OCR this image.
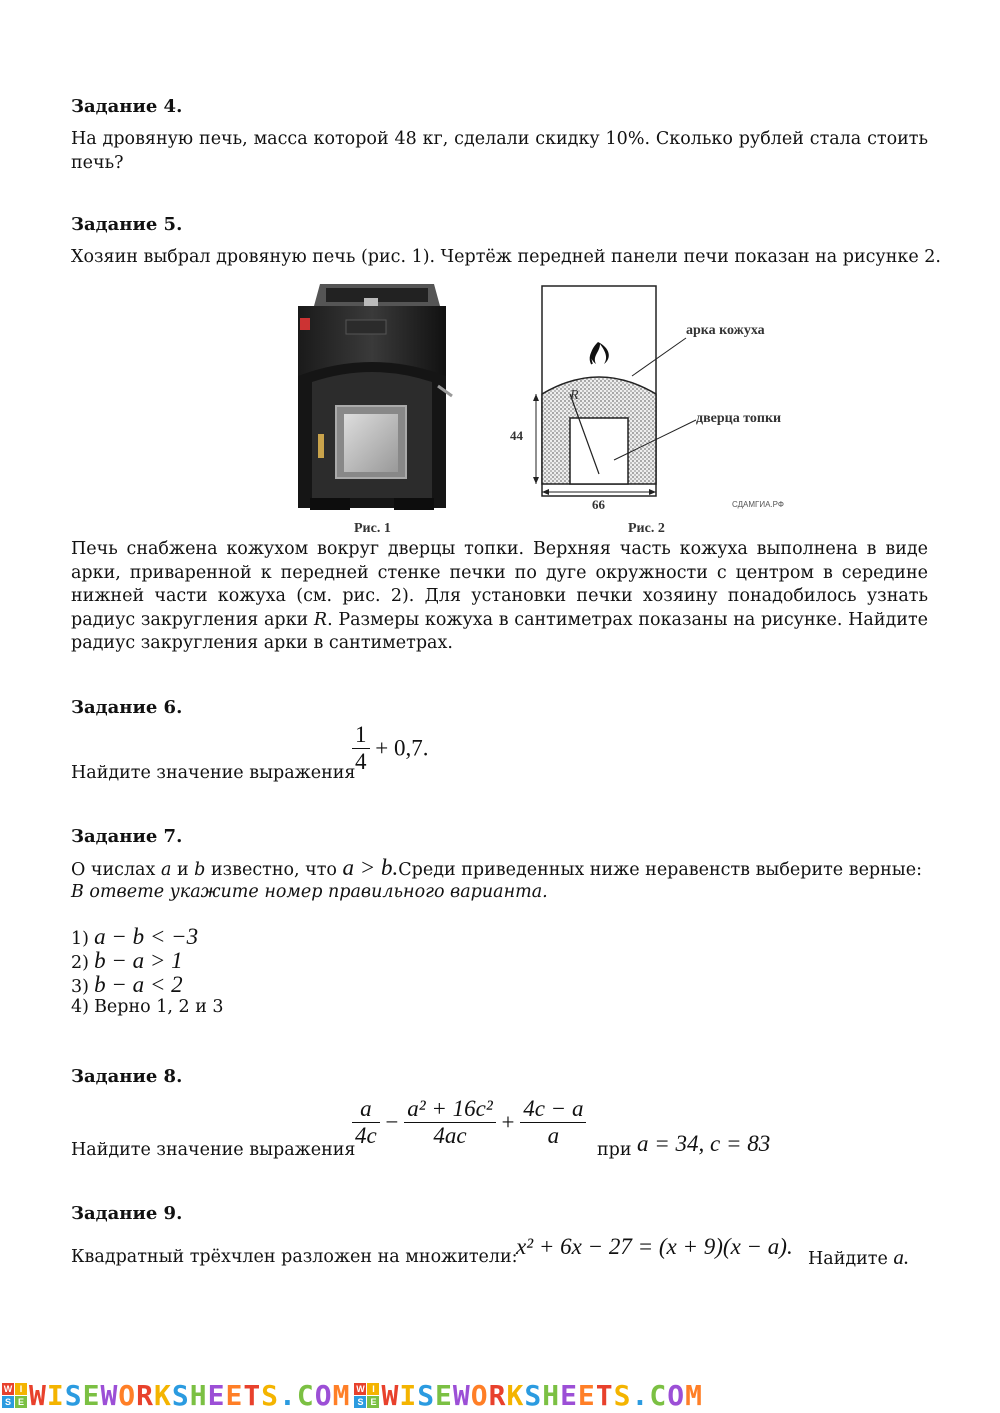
Задание 4.
На дровяную печь, масса которой 48 кг, сделали скидку 10%. Сколько рублей стала стоить печь?
Задание 5.
Хозяин выбрал дровяную печь (рис. 1). Чертёж передней панели печи показан на рисунке 2.
Рис. 1
арка кожуха
дверца топки
R
44
66	СДАМГИА.РФ
Рис. 2
Печь снабжена кожухом вокруг дверцы топки. Верхняя часть кожуха выполнена в виде арки, приваренной к передней стенке печки по дуге окружности с центром в середине нижней части кожуха (см. рис. 2). Для установки печки хозяину понадобилось узнать радиус закругления арки R. Размеры кожуха в сантиметрах показаны на рисунке. Найдите радиус закругления арки в сантиметрах.
Задание 6.
Найдите значение выражения
$\frac{1}{4} + 0,7$.
Задание 7.
О числах a и b известно, что a > b.Среди приведенных ниже неравенств выберите верные:
В ответе укажите номер правильного варианта.
1) a − b < −3
2) b − a > 1
3) b − a < 2
4) Верно 1, 2 и 3
Задание 8.
Найдите значение выражения
$\frac{a}{4c} - \frac{\text{a² + 16c²}}{4ac} + \frac{4c - a}{a}$
при a = 34, c = 83
Задание 9.
Квадратный трёхчлен разложен на множители:
x² + 6x − 27 = (x + 9)(x − a). Найдите a.
W I
S E WISEWORKSHEETS.COM W I
S E WISEWORKSHEETS.COM
